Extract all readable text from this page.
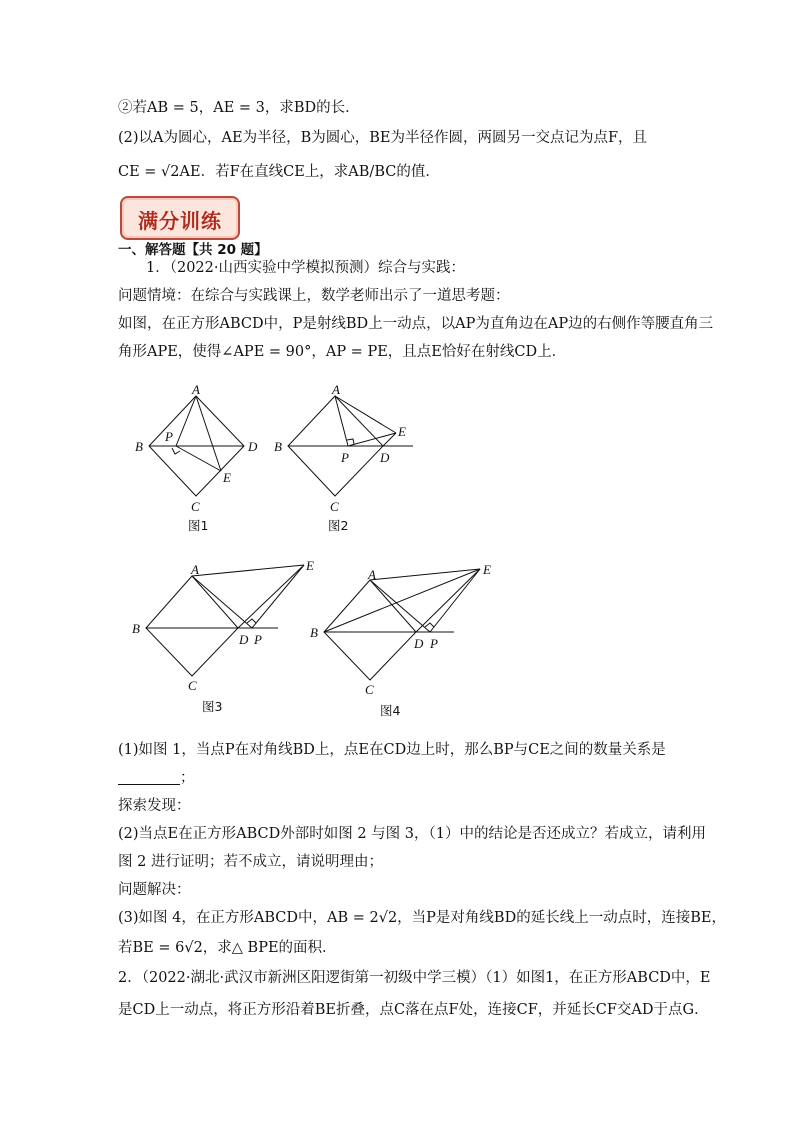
②若AB = 5，AE = 3，求BD的长．
(2)以A为圆心，AE为半径，B为圆心，BE为半径作圆，两圆另一交点记为点F，且
CE = √2AE．若F在直线CE上，求AB/BC的值．
满分训练
一、解答题【共 20 题】
1．（2022·山西实验中学模拟预测）综合与实践：
问题情境：在综合与实践课上，数学老师出示了一道思考题：
如图，在正方形ABCD中，P是射线BD上一动点，以AP为直角边在AP边的右侧作等腰直角三
角形APE，使得∠APE = 90°，AP = PE，且点E恰好在射线CD上．
A
B
C
D
P
E
图1
A
B
C
D
P
E
图2
A
B
C
D P
E
图3
A
B
C
D P
E
图4
(1)如图 1，当点P在对角线BD上，点E在CD边上时，那么BP与CE之间的数量关系是
；
探索发现：
(2)当点E在正方形ABCD外部时如图 2 与图 3，（1）中的结论是否还成立？若成立，请利用
图 2 进行证明；若不成立，请说明理由；
问题解决：
(3)如图 4，在正方形ABCD中，AB = 2√2，当P是对角线BD的延长线上一动点时，连接BE，
若BE = 6√2，求△ BPE的面积．
2．（2022·湖北·武汉市新洲区阳逻街第一初级中学三模）（1）如图1，在正方形ABCD中，E
是CD上一动点，将正方形沿着BE折叠，点C落在点F处，连接CF，并延长CF交AD于点G．
